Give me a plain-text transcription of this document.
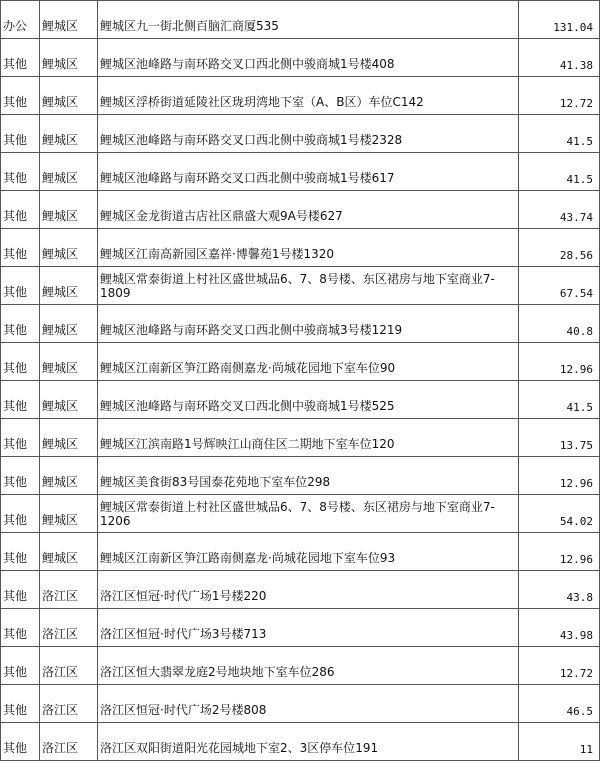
办公	鲤城区	鲤城区九一街北侧百脑汇商厦535	131.04
其他	鲤城区	鲤城区池峰路与南环路交叉口西北侧中骏商城1号楼408	41.38
其他	鲤城区	鲤城区浮桥街道延陵社区珑玥湾地下室（A、B区）车位C142	12.72
其他	鲤城区	鲤城区池峰路与南环路交叉口西北侧中骏商城1号楼2328	41.5
其他	鲤城区	鲤城区池峰路与南环路交叉口西北侧中骏商城1号楼617	41.5
其他	鲤城区	鲤城区金龙街道古店社区鼎盛大观9A号楼627	43.74
其他	鲤城区	鲤城区江南高新园区嘉祥·博馨苑1号楼1320	28.56
其他	鲤城区	鲤城区常泰街道上村社区盛世城品6、7、8号楼、东区裙房与地下室商业7-1809	67.54
其他	鲤城区	鲤城区池峰路与南环路交叉口西北侧中骏商城3号楼1219	40.8
其他	鲤城区	鲤城区江南新区笋江路南侧嘉龙·尚城花园地下室车位90	12.96
其他	鲤城区	鲤城区池峰路与南环路交叉口西北侧中骏商城1号楼525	41.5
其他	鲤城区	鲤城区江滨南路1号辉映江山商住区二期地下室车位120	13.75
其他	鲤城区	鲤城区美食街83号国泰花苑地下室车位298	12.96
其他	鲤城区	鲤城区常泰街道上村社区盛世城品6、7、8号楼、东区裙房与地下室商业7-1206	54.02
其他	鲤城区	鲤城区江南新区笋江路南侧嘉龙·尚城花园地下室车位93	12.96
其他	洛江区	洛江区恒冠·时代广场1号楼220	43.8
其他	洛江区	洛江区恒冠·时代广场3号楼713	43.98
其他	洛江区	洛江区恒大翡翠龙庭2号地块地下室车位286	12.72
其他	洛江区	洛江区恒冠·时代广场2号楼808	46.5
其他	洛江区	洛江区双阳街道阳光花园城地下室2、3区停车位191	11
